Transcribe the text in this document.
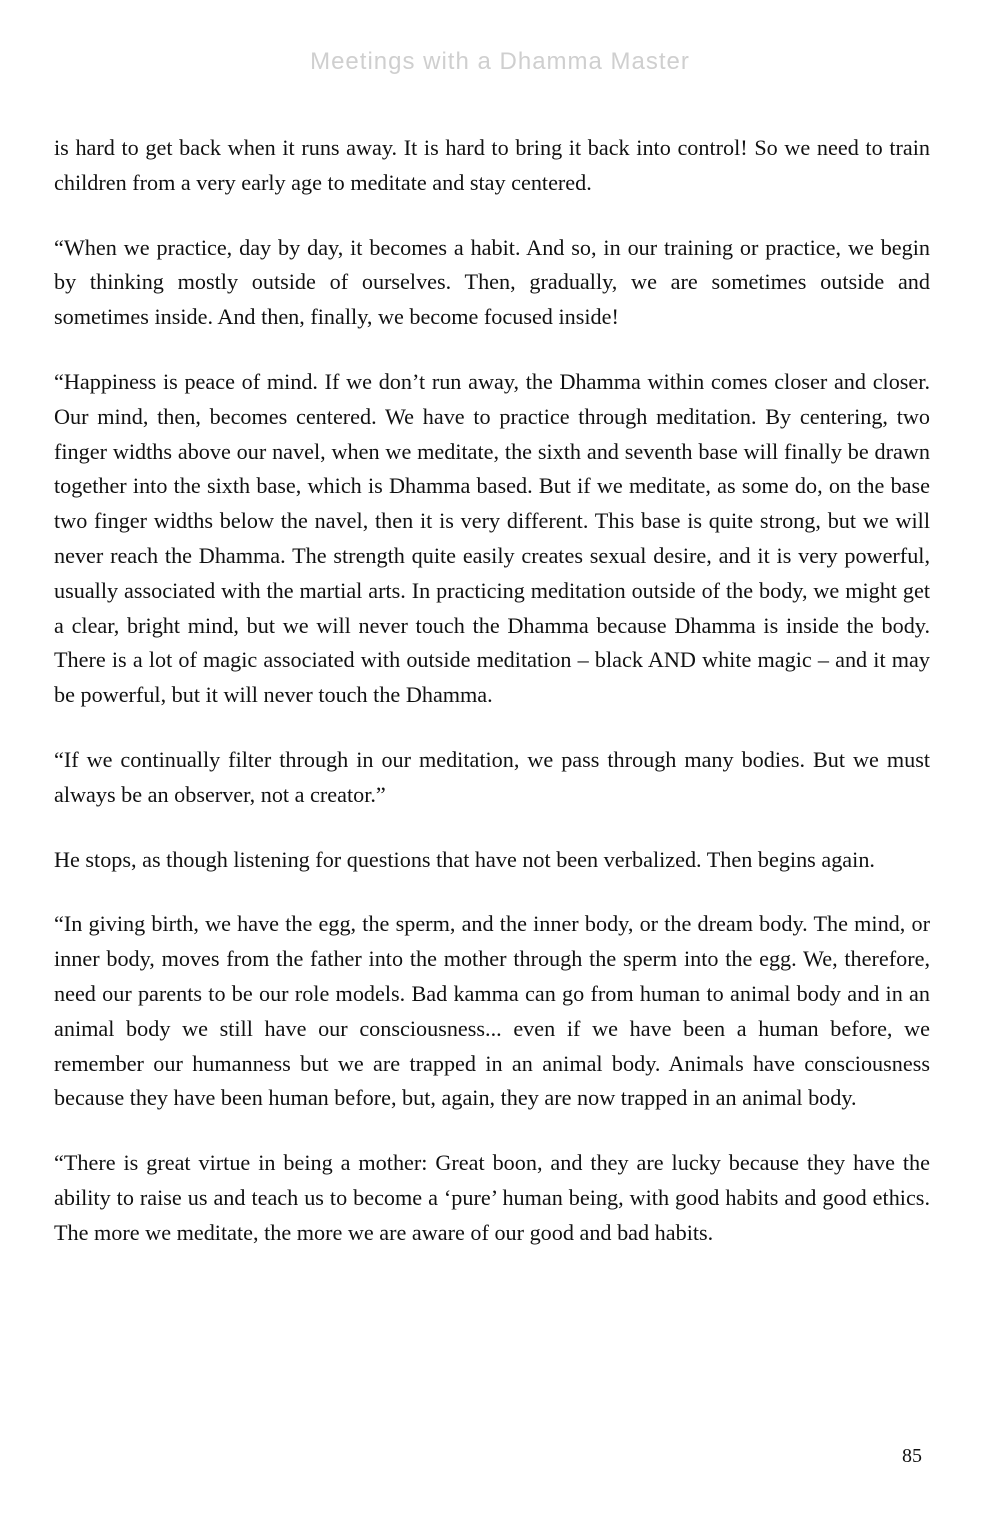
Meetings with a Dhamma Master

is hard to get back when it runs away. It is hard to bring it back into control! So we need to train children from a very early age to meditate and stay centered.

“When we practice, day by day, it becomes a habit. And so, in our training or practice, we begin by thinking mostly outside of ourselves. Then, gradually, we are sometimes outside and sometimes inside. And then, finally, we become focused inside!

“Happiness is peace of mind. If we don’t run away, the Dhamma within comes closer and closer. Our mind, then, becomes centered. We have to practice through meditation. By centering, two finger widths above our navel, when we meditate, the sixth and seventh base will finally be drawn together into the sixth base, which is Dhamma based. But if we meditate, as some do, on the base two finger widths below the navel, then it is very different. This base is quite strong, but we will never reach the Dhamma. The strength quite easily creates sexual desire, and it is very powerful, usually associated with the martial arts. In practicing meditation outside of the body, we might get a clear, bright mind, but we will never touch the Dhamma because Dhamma is inside the body. There is a lot of magic associated with outside meditation – black AND white magic – and it may be powerful, but it will never touch the Dhamma.

“If we continually filter through in our meditation, we pass through many bodies. But we must always be an observer, not a creator.”

He stops, as though listening for questions that have not been verbalized. Then begins again.

“In giving birth, we have the egg, the sperm, and the inner body, or the dream body. The mind, or inner body, moves from the father into the mother through the sperm into the egg. We, therefore, need our parents to be our role models. Bad kamma can go from human to animal body and in an animal body we still have our consciousness... even if we have been a human before, we remember our humanness but we are trapped in an animal body. Animals have consciousness because they have been human before, but, again, they are now trapped in an animal body.

“There is great virtue in being a mother: Great boon, and they are lucky because they have the ability to raise us and teach us to become a ‘pure’ human being, with good habits and good ethics. The more we meditate, the more we are aware of our good and bad habits.

85
